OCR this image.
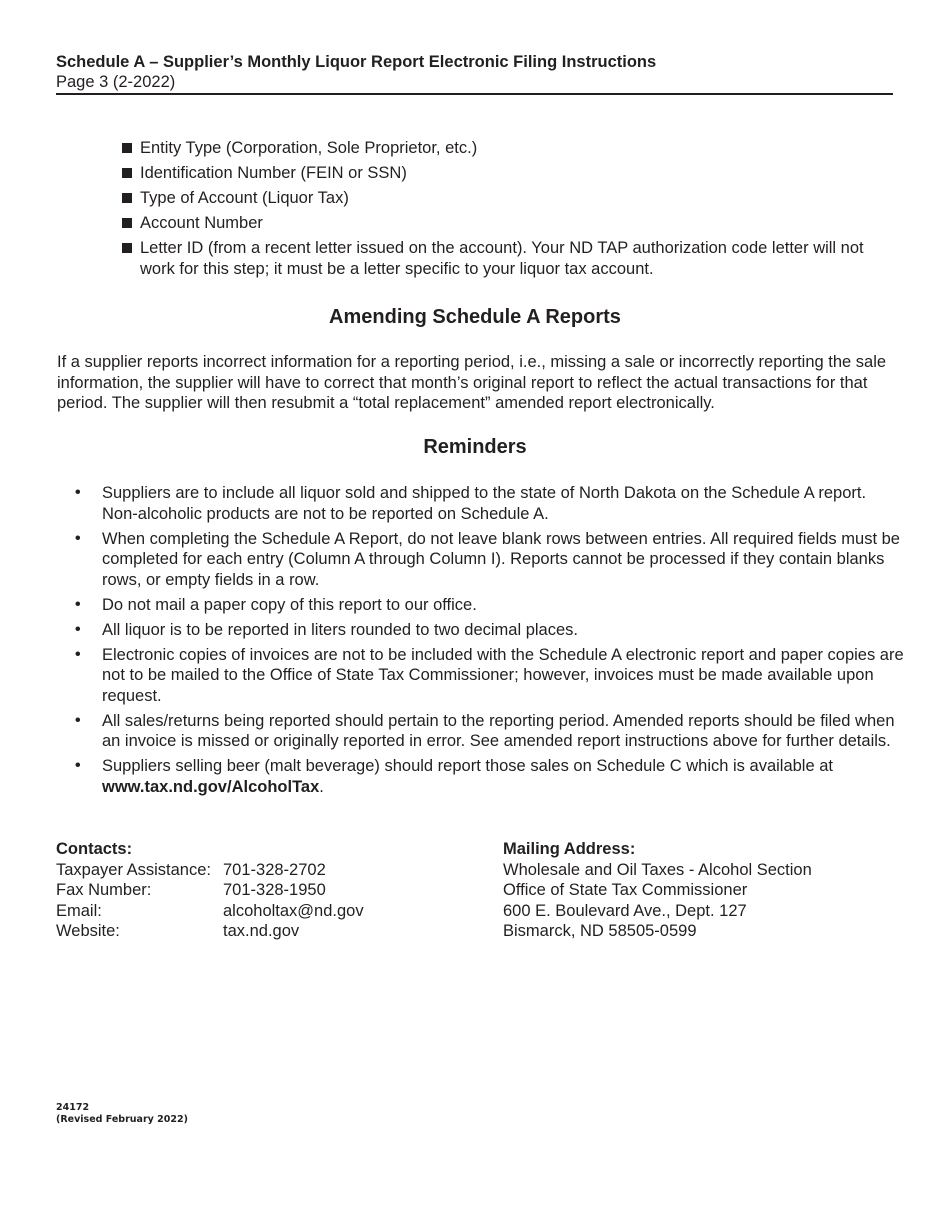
Schedule A – Supplier’s Monthly Liquor Report Electronic Filing Instructions
Page 3 (2-2022)
Entity Type (Corporation, Sole Proprietor, etc.)
Identification Number (FEIN or SSN)
Type of Account (Liquor Tax)
Account Number
Letter ID (from a recent letter issued on the account). Your ND TAP authorization code letter will not work for this step; it must be a letter specific to your liquor tax account.
Amending Schedule A Reports

If a supplier reports incorrect information for a reporting period, i.e., missing a sale or incorrectly reporting the sale information, the supplier will have to correct that month’s original report to reflect the actual transactions for that period. The supplier will then resubmit a “total replacement” amended report electronically.

Reminders
• Suppliers are to include all liquor sold and shipped to the state of North Dakota on the Schedule A report. Non-alcoholic products are not to be reported on Schedule A.
• When completing the Schedule A Report, do not leave blank rows between entries. All required fields must be completed for each entry (Column A through Column I). Reports cannot be processed if they contain blanks rows, or empty fields in a row.
• Do not mail a paper copy of this report to our office.
• All liquor is to be reported in liters rounded to two decimal places.
• Electronic copies of invoices are not to be included with the Schedule A electronic report and paper copies are not to be mailed to the Office of State Tax Commissioner; however, invoices must be made available upon request.
• All sales/returns being reported should pertain to the reporting period. Amended reports should be filed when an invoice is missed or originally reported in error. See amended report instructions above for further details.
• Suppliers selling beer (malt beverage) should report those sales on Schedule C which is available at www.tax.nd.gov/AlcoholTax.
Contacts:
Taxpayer Assistance: 701-328-2702
Fax Number:	701-328-1950
Email:	alcoholtax@nd.gov
Website:	tax.nd.gov
Mailing Address:
Wholesale and Oil Taxes - Alcohol Section
Office of State Tax Commissioner
600 E. Boulevard Ave., Dept. 127
Bismarck, ND 58505-0599
24172
(Revised February 2022)
